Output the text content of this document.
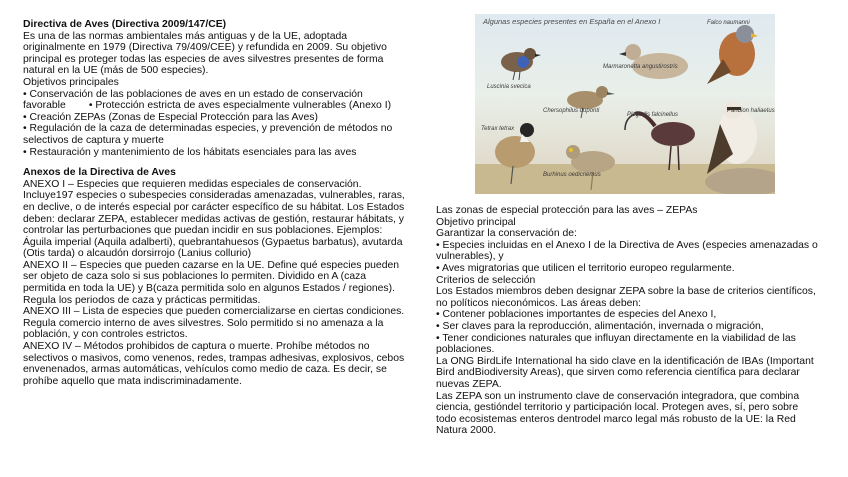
Directiva de Aves (Directiva 2009/147/CE)

Es una de las normas ambientales más antiguas y de la UE, adoptada

originalmente en 1979 (Directiva 79/409/CEE) y refundida en 2009. Su objetivo

principal es proteger todas las especies de aves silvestres presentes de forma

natural en la UE (más de 500 especies).

Objetivos principales

• Conservación de las poblaciones de aves en un estado de conservación

favorable        • Protección estricta de aves especialmente vulnerables (Anexo I)

• Creación ZEPAs (Zonas de Especial Protección para las Aves)

• Regulación de la caza de determinadas especies, y prevención de métodos no

selectivos de captura y muerte

• Restauración y mantenimiento de los hábitats esenciales para las aves

Anexos de la Directiva de Aves

ANEXO I – Especies que requieren medidas especiales de conservación.

Incluye197 especies o subespecies consideradas amenazadas, vulnerables, raras,

en declive, o de interés especial por carácter específico de su hábitat. Los Estados

deben: declarar ZEPA, establecer medidas activas de gestión, restaurar hábitats, y

controlar las perturbaciones que puedan incidir en sus poblaciones. Ejemplos:

Águila imperial (Aquila adalberti), quebrantahuesos (Gypaetus barbatus), avutarda

(Otis tarda) o alcaudón dorsirrojo (Lanius collurio)

ANEXO II – Especies que pueden cazarse en la UE. Define qué especies pueden

ser objeto de caza solo si sus poblaciones lo permiten. Dividido en A (caza

permitida en toda la UE) y B(caza permitida solo en algunos Estados / regiones).

Regula los periodos de caza y prácticas permitidas.

ANEXO III – Lista de especies que pueden comercializarse en ciertas condiciones.

Regula comercio interno de aves silvestres. Solo permitido si no amenaza a la

población, y con controles estrictos.

ANEXO IV – Métodos prohibidos de captura o muerte. Prohíbe métodos no

selectivos o masivos, como venenos, redes, trampas adhesivas, explosivos, cebos

envenenados, armas automáticas, vehículos como medio de caza. Es decir, se

prohíbe aquello que mata indiscriminadamente.

Algunas especies presentes en España en el Anexo I	Falco naumanni
Luscinia svecica
Marmaronetta angustirostris
Chersophilus duponti
Plegadis falcinellus
Pandion haliaetus
Tetrax tetrax
Burhinus oedicnemus

Las zonas de especial protección para las aves – ZEPAs

Objetivo principal

Garantizar la conservación de:

• Especies incluidas en el Anexo I de la Directiva de Aves (especies amenazadas o

vulnerables), y

• Aves migratorias que utilicen el territorio europeo regularmente.

Criterios de selección

Los Estados miembros deben designar ZEPA sobre la base de criterios científicos,

no políticos nieconómicos. Las áreas deben:

• Contener poblaciones importantes de especies del Anexo I,

• Ser claves para la reproducción, alimentación, invernada o migración,

• Tener condiciones naturales que influyan directamente en la viabilidad de las

poblaciones.

La ONG BirdLife International ha sido clave en la identificación de IBAs (Important

Bird andBiodiversity Areas), que sirven como referencia científica para declarar

nuevas ZEPA.

Las ZEPA son un instrumento clave de conservación integradora, que combina

ciencia, gestióndel territorio y participación local. Protegen aves, sí, pero sobre

todo ecosistemas enteros dentrodel marco legal más robusto de la UE: la Red

Natura 2000.
